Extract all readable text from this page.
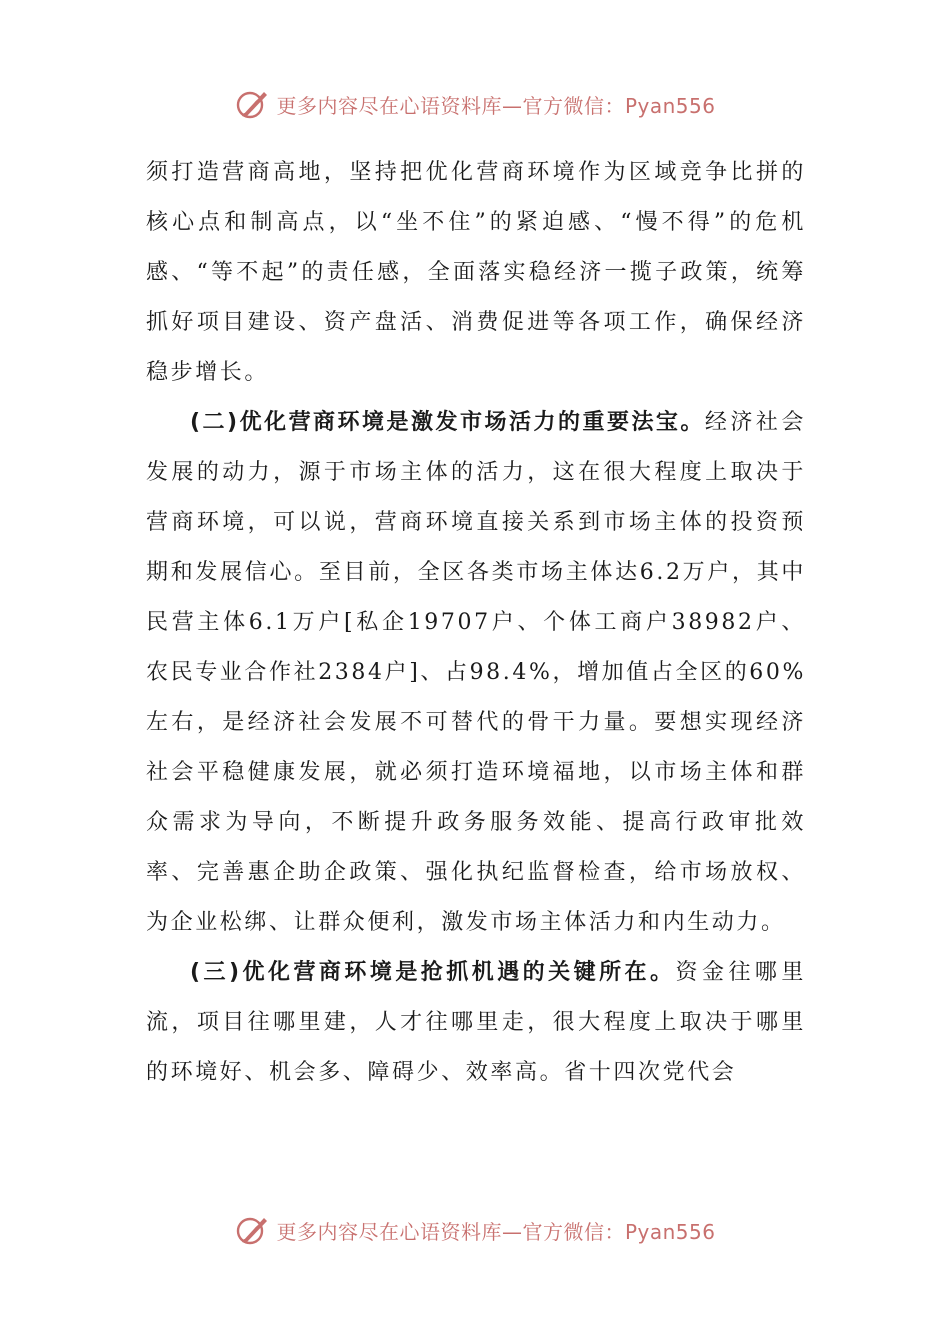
更多内容尽在心语资料库—官方微信：Pyan556

须打造营商高地，坚持把优化营商环境作为区域竞争比拼的核心点和制高点，以“坐不住”的紧迫感、“慢不得”的危机感、“等不起”的责任感，全面落实稳经济一揽子政策，统筹抓好项目建设、资产盘活、消费促进等各项工作，确保经济稳步增长。

(二)优化营商环境是激发市场活力的重要法宝。经济社会发展的动力，源于市场主体的活力，这在很大程度上取决于营商环境，可以说，营商环境直接关系到市场主体的投资预期和发展信心。至目前，全区各类市场主体达6.2万户，其中民营主体6.1万户[私企19707户、个体工商户38982户、农民专业合作社2384户]、占98.4%，增加值占全区的60%左右，是经济社会发展不可替代的骨干力量。要想实现经济社会平稳健康发展，就必须打造环境福地，以市场主体和群众需求为导向，不断提升政务服务效能、提高行政审批效率、完善惠企助企政策、强化执纪监督检查，给市场放权、为企业松绑、让群众便利，激发市场主体活力和内生动力。

(三)优化营商环境是抢抓机遇的关键所在。资金往哪里流，项目往哪里建，人才往哪里走，很大程度上取决于哪里的环境好、机会多、障碍少、效率高。省十四次党代会

更多内容尽在心语资料库—官方微信：Pyan556
